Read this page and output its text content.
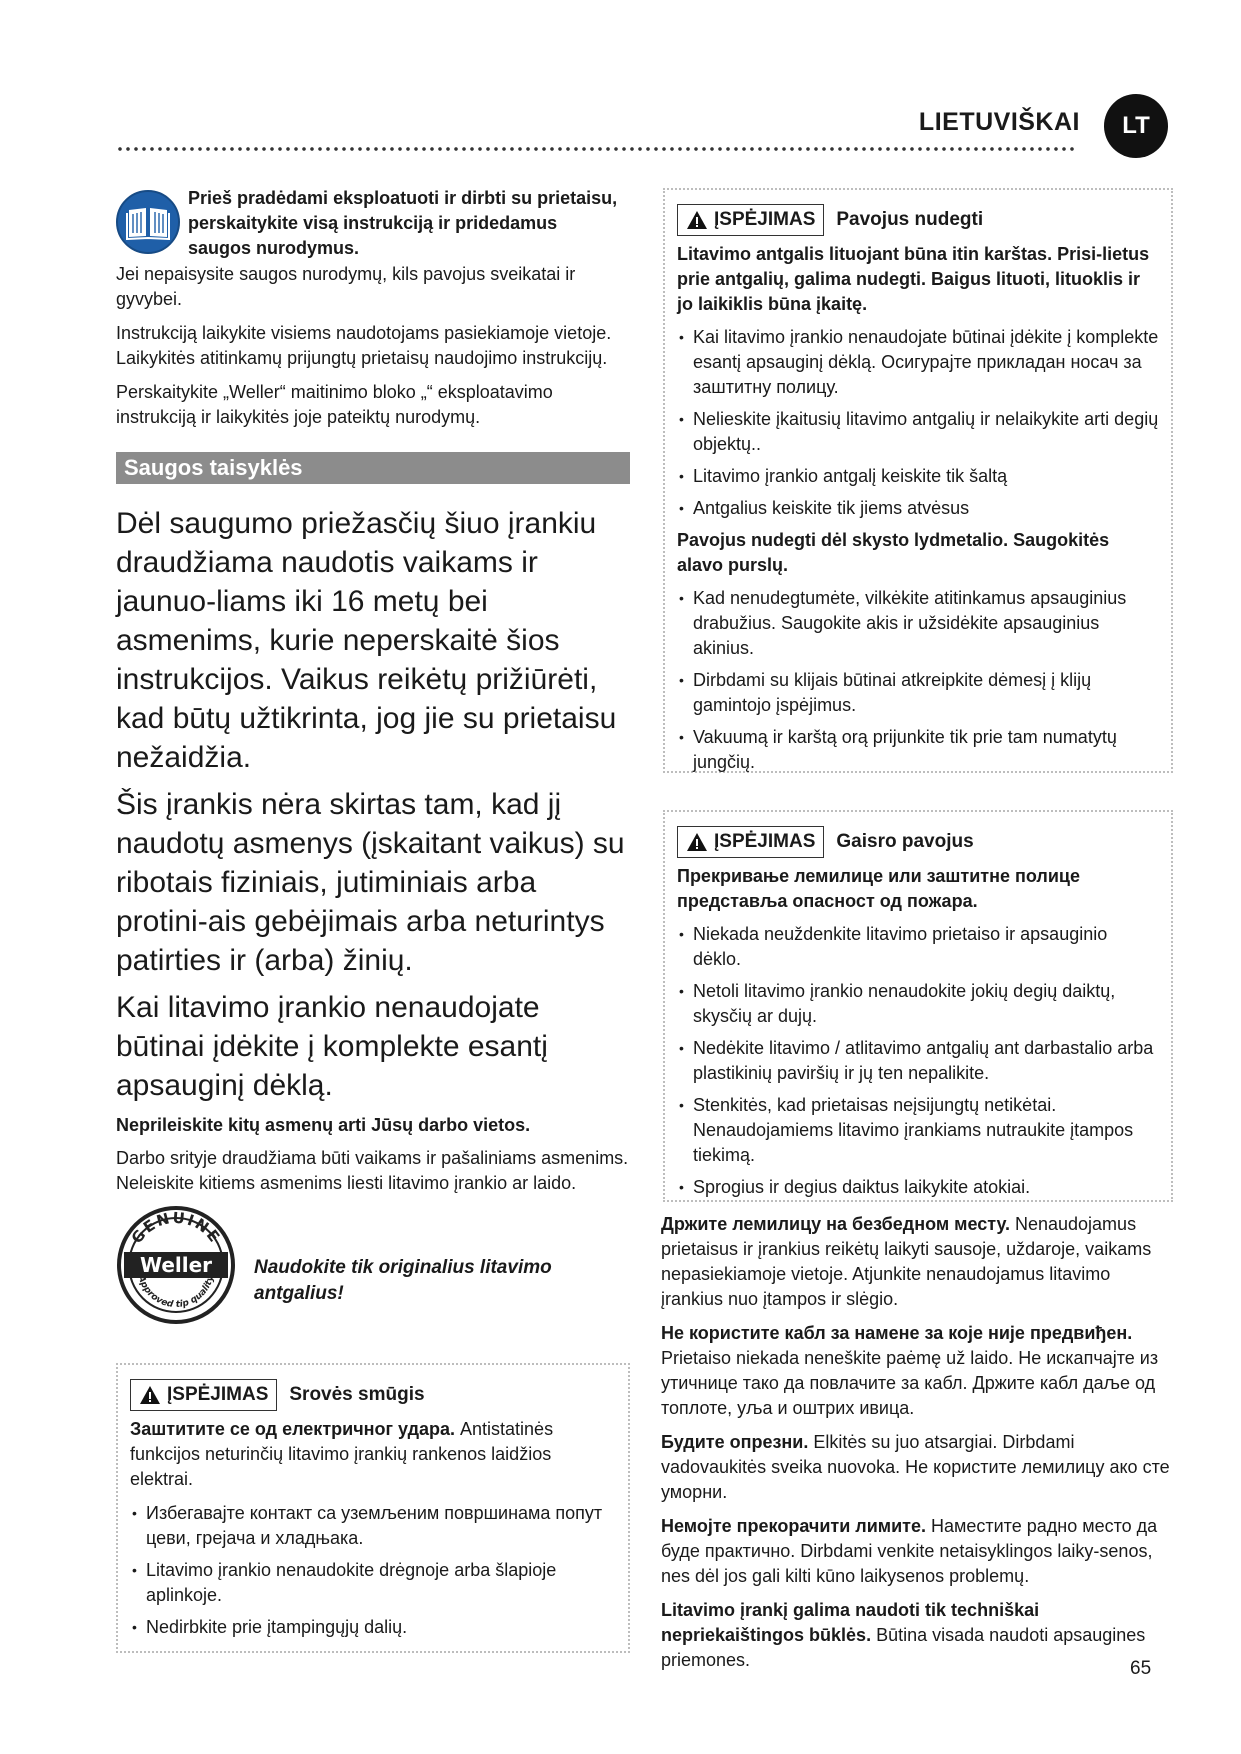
LIETUVIŠKAI	LT
Prieš pradėdami eksploatuoti ir dirbti su prietaisu, perskaitykite visą instrukciją ir pridedamus saugos nurodymus.

Jei nepaisysite saugos nurodymų, kils pavojus sveikatai ir gyvybei.

Instrukciją laikykite visiems naudotojams pasiekiamoje vietoje. Laikykitės atitinkamų prijungtų prietaisų naudojimo instrukcijų.

Perskaitykite „Weller“ maitinimo bloko „“ eksploatavimo instrukciją ir laikykitės joje pateiktų nurodymų.

Saugos taisyklės

Dėl saugumo priežasčių šiuo įrankiu draudžiama naudotis vaikams ir jaunuo-liams iki 16 metų bei asmenims, kurie neperskaitė šios instrukcijos. Vaikus reikėtų prižiūrėti, kad būtų užtikrinta, jog jie su prietaisu nežaidžia.

Šis įrankis nėra skirtas tam, kad jį naudotų asmenys (įskaitant vaikus) su ribotais fiziniais, jutiminiais arba protini-ais gebėjimais arba neturintys patirties ir (arba) žinių.

Kai litavimo įrankio nenaudojate būtinai įdėkite į komplekte esantį apsauginį dėklą.

Neprileiskite kitų asmenų arti Jūsų darbo vietos.

Darbo srityje draudžiama būti vaikams ir pašaliniams asmenims. Neleiskite kitiems asmenims liesti litavimo įrankio ar laido.

GENUINE
Weller
Approved tip quality
Naudokite tik originalius litavimo antgalius!
ĮSPĖJIMAS Srovės smūgis

Заштитите се од електричног удара. Antistatinės funkcijos neturinčių litavimo įrankių rankenos laidžios elektrai.

• Избегавајте контакт са уземљеним површинама попут цеви, грејача и хладњака.
• Litavimo įrankio nenaudokite drėgnoje arba šlapioje aplinkoje.
• Nedirbkite prie įtampingųjų dalių.
ĮSPĖJIMAS Pavojus nudegti

Litavimo antgalis lituojant būna itin karštas. Prisi-lietus prie antgalių, galima nudegti. Baigus lituoti, lituoklis ir jo laikiklis būna įkaitę.

• Kai litavimo įrankio nenaudojate būtinai įdėkite į komplekte esantį apsauginį dėklą. Осигурајте прикладан носач за заштитну полицу.
• Nelieskite įkaitusių litavimo antgalių ir nelaikykite arti degių objektų..
• Litavimo įrankio antgalį keiskite tik šaltą
• Antgalius keiskite tik jiems atvėsus

Pavojus nudegti dėl skysto lydmetalio. Saugokitės alavo purslų.

• Kad nenudegtumėte, vilkėkite atitinkamus apsauginius drabužius. Saugokite akis ir užsidėkite apsauginius akinius.
• Dirbdami su klijais būtinai atkreipkite dėmesį į klijų gamintojo įspėjimus.
• Vakuumą ir karštą orą prijunkite tik prie tam numatytų jungčių.
ĮSPĖJIMAS Gaisro pavojus

Прекривање лемилице или заштитне полице представља опасност од пожара.

• Niekada neuždenkite litavimo prietaiso ir apsauginio dėklo.
• Netoli litavimo įrankio nenaudokite jokių degių daiktų, skysčių ar dujų.
• Nedėkite litavimo / atlitavimo antgalių ant darbastalio arba plastikinių paviršių ir jų ten nepalikite.
• Stenkitės, kad prietaisas neįsijungtų netikėtai. Nenaudojamiems litavimo įrankiams nutraukite įtampos tiekimą.
• Sprogius ir degius daiktus laikykite atokiai.

Држите лемилицу на безбедном месту. Nenaudojamus prietaisus ir įrankius reikėtų laikyti sausoje, uždaroje, vaikams nepasiekiamoje vietoje. Atjunkite nenaudojamus litavimo įrankius nuo įtampos ir slėgio.

Не користите кабл за намене за које није предвиђен. Prietaiso niekada neneškite paėmę už laido. Не искапчајте из утичнице тако да повлачите за кабл. Држите кабл даље од топлоте, уља и оштрих ивица.

Будите опрезни. Elkitės su juo atsargiai. Dirbdami vadovaukitės sveika nuovoka. Не користите лемилицу ако сте уморни.

Немојте прекорачити лимите. Наместите радно место да буде практично. Dirbdami venkite netaisyklingos laiky-senos, nes dėl jos gali kilti kūno laikysenos problemų.

Litavimo įrankį galima naudoti tik techniškai nepriekaištingos būklės. Būtina visada naudoti apsaugines priemones.	65
